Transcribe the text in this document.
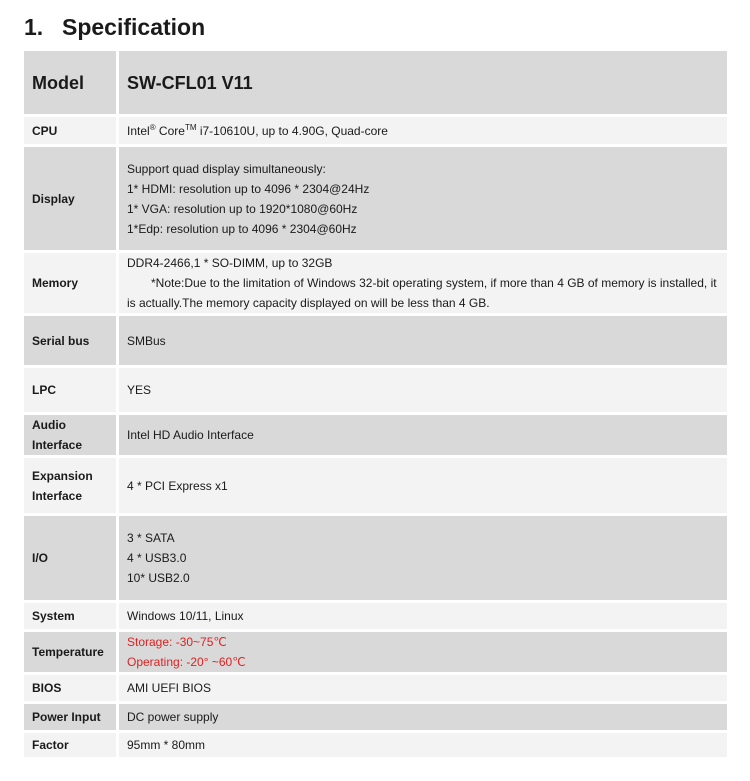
1. Specification
Model	SW-CFL01 V11
CPU	Intel® Core™ i7-10610U, up to 4.90G, Quad-core
Display	Support quad display simultaneously:
1* HDMI: resolution up to 4096 * 2304@24Hz
1* VGA: resolution up to 1920*1080@60Hz
1*Edp: resolution up to 4096 * 2304@60Hz

Memory	DDR4-2466,1 * SO-DIMM, up to 32GB
*Note:Due to the limitation of Windows 32-bit operating system, if more than 4 GB of memory is installed, it is actually.The memory capacity displayed on will be less than 4 GB.

Serial bus	SMBus
LPC	YES

Audio
Interface	Intel HD Audio Interface

Expansion
Interface	4 * PCI Express x1
I/O	3 * SATA
4 * USB3.0
10* USB2.0

System	Windows 10/11, Linux
Temperature	Storage: -30~75℃
Operating: -20° ~60℃

BIOS	AMI UEFI BIOS
Power Input	DC power supply
Factor	95mm * 80mm
